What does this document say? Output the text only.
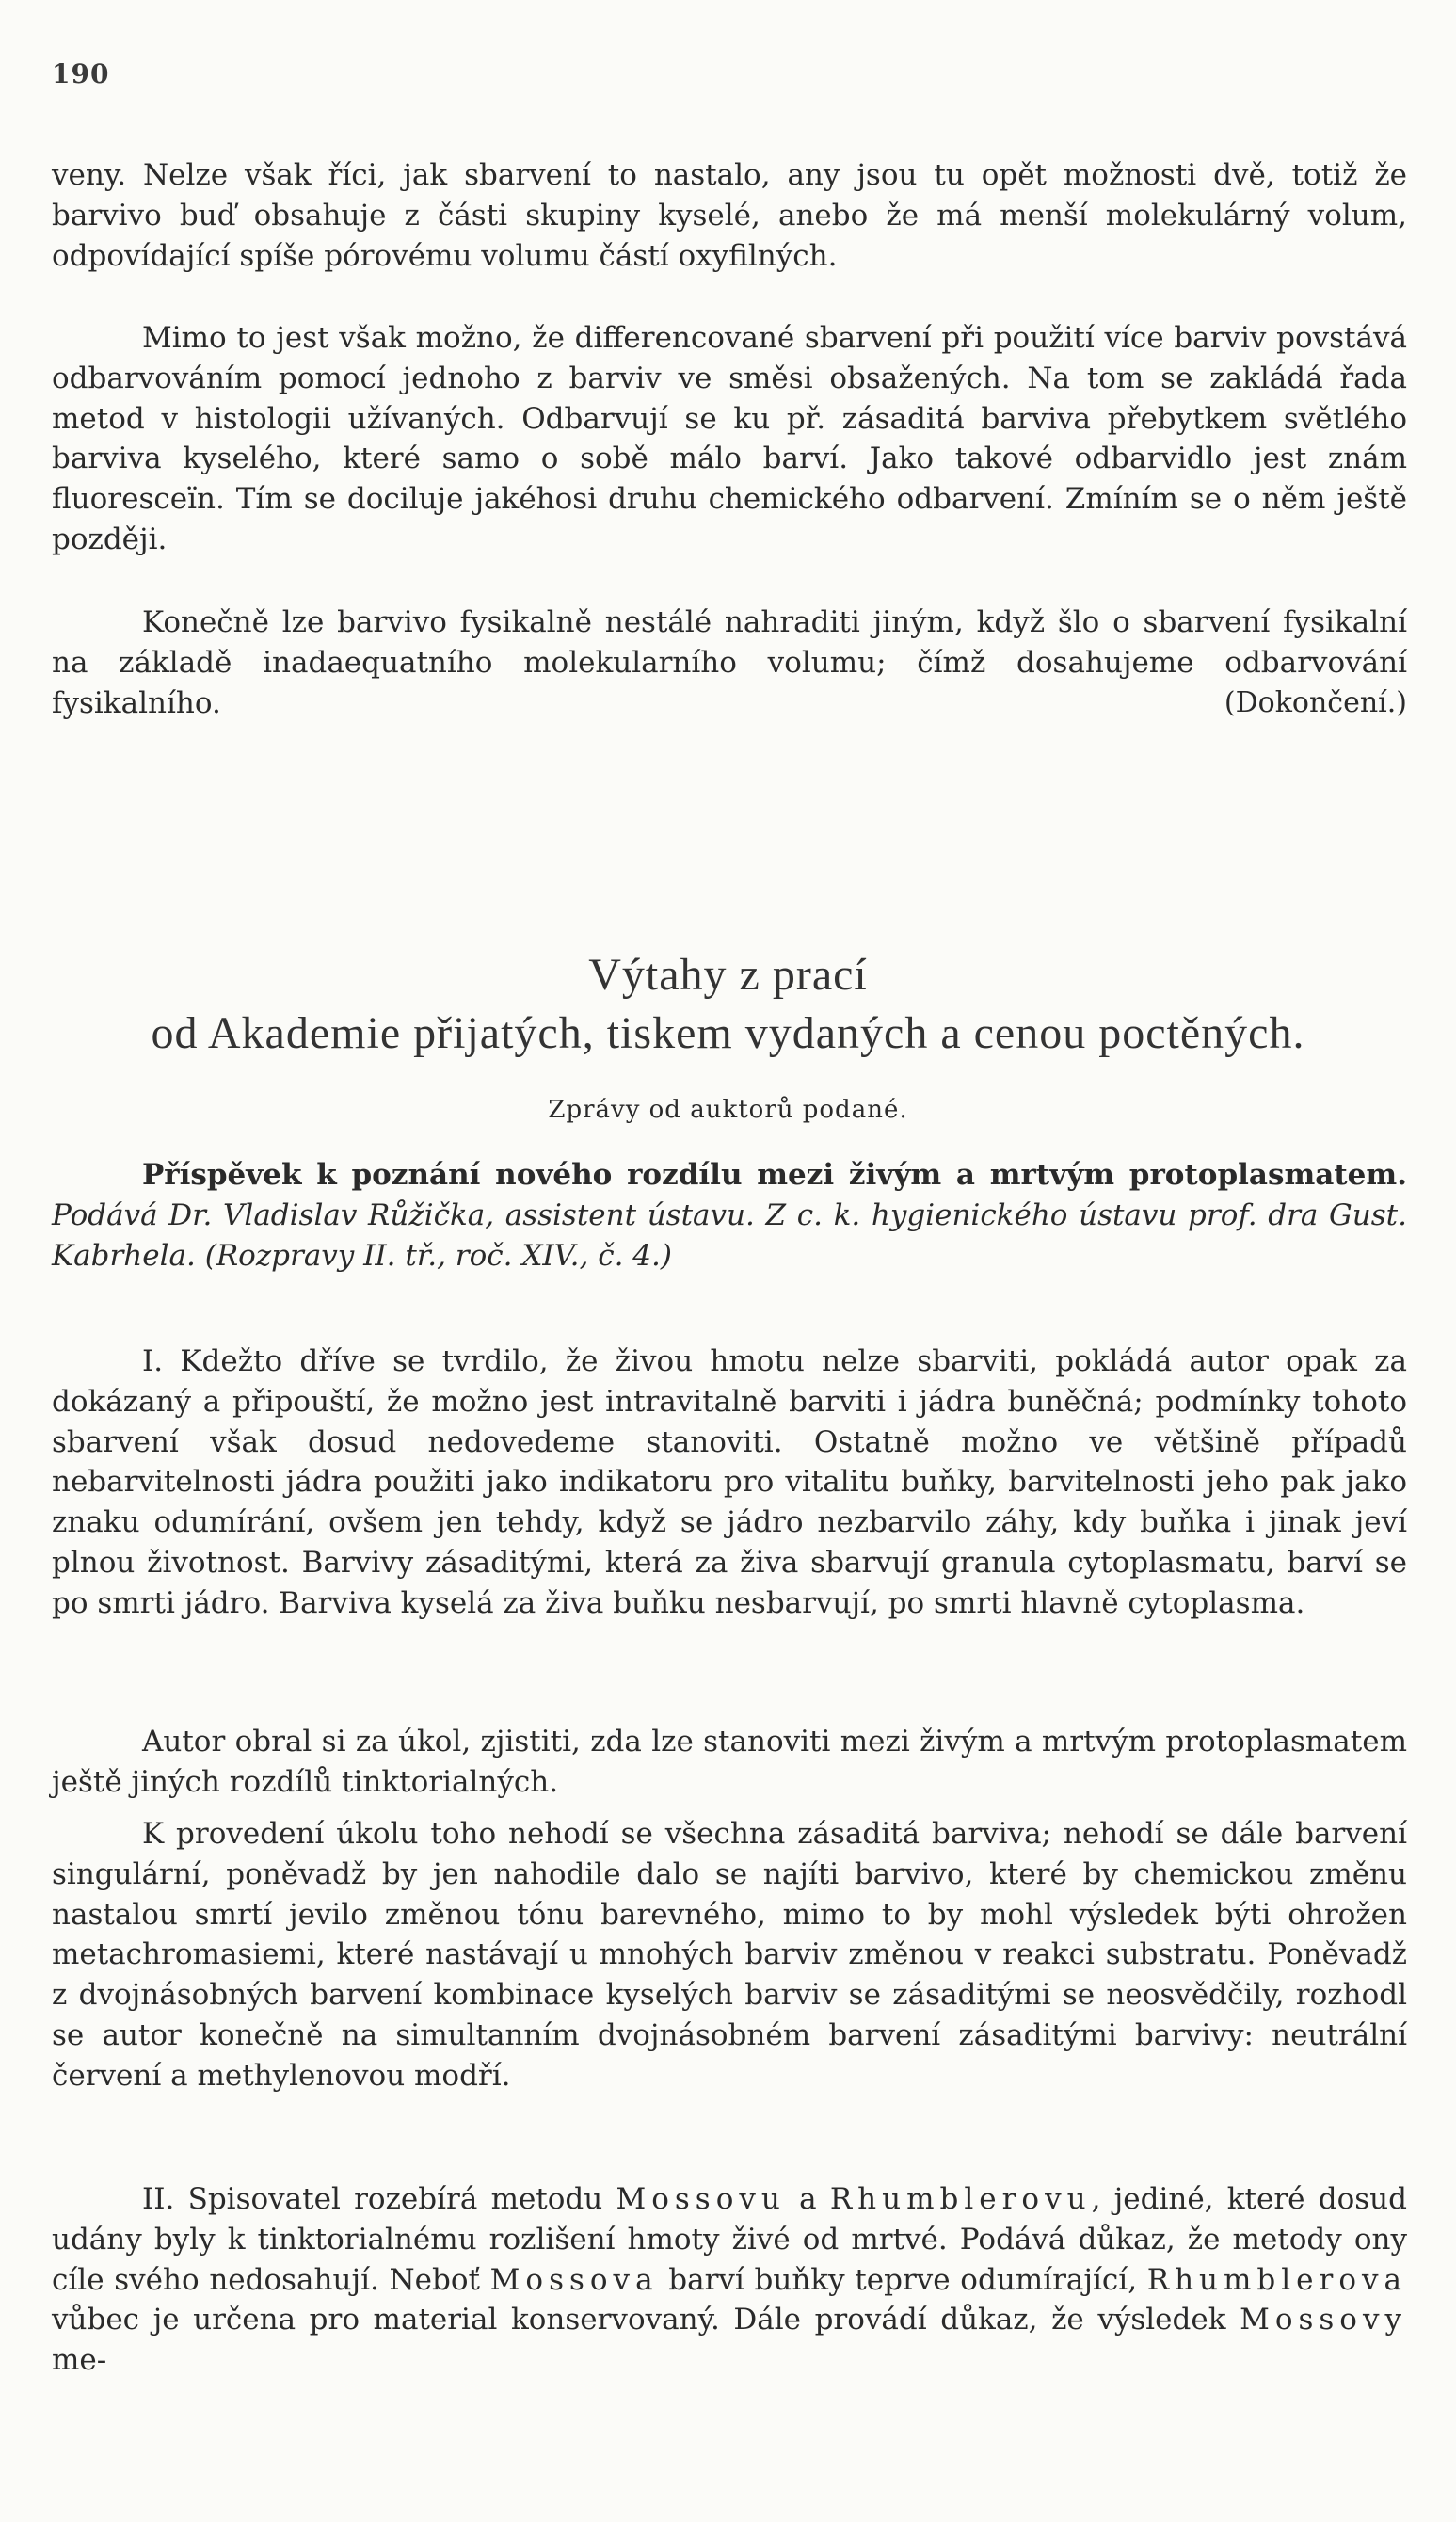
190

veny. Nelze však říci, jak sbarvení to nastalo, any jsou tu opět možnosti dvě, totiž že barvivo buď obsahuje z části skupiny kyselé, anebo že má menší molekulárný volum, odpovídající spíše pórovému volumu částí oxyfilných.

Mimo to jest však možno, že differencované sbarvení při použití více barviv povstává odbarvováním pomocí jednoho z barviv ve směsi obsažených. Na tom se zakládá řada metod v histologii užívaných. Odbarvují se ku př. zásaditá barviva přebytkem světlého barviva kyselého, které samo o sobě málo barví. Jako takové odbarvidlo jest znám fluoresceïn. Tím se dociluje jakéhosi druhu chemického odbarvení. Zmíním se o něm ještě později.

Konečně lze barvivo fysikalně nestálé nahraditi jiným, když šlo o sbarvení fysikalní na základě inadaequatního molekularního volumu; čímž dosahujeme odbarvování fysikalního.	(Dokončení.)

Výtahy z prací
od Akademie přijatých, tiskem vydaných a cenou poctěných.
Zprávy od auktorů podané.

Příspěvek k poznání nového rozdílu mezi živým a mrtvým protoplasmatem. Podává Dr. Vladislav Růžička, assistent ústavu. Z c. k. hygienického ústavu prof. dra Gust. Kabrhela. (Rozpravy II. tř., roč. XIV., č. 4.)

I. Kdežto dříve se tvrdilo, že živou hmotu nelze sbarviti, pokládá autor opak za dokázaný a připouští, že možno jest intravitalně barviti i jádra buněčná; podmínky tohoto sbarvení však dosud nedovedeme stanoviti. Ostatně možno ve většině případů nebarvitelnosti jádra použiti jako indikatoru pro vitalitu buňky, barvitelnosti jeho pak jako znaku odumírání, ovšem jen tehdy, když se jádro nezbarvilo záhy, kdy buňka i jinak jeví plnou životnost. Barvivy zásaditými, která za živa sbarvují granula cytoplasmatu, barví se po smrti jádro. Barviva kyselá za živa buňku nesbarvují, po smrti hlavně cytoplasma.

Autor obral si za úkol, zjistiti, zda lze stanoviti mezi živým a mrtvým protoplasmatem ještě jiných rozdílů tinktorialných.

K provedení úkolu toho nehodí se všechna zásaditá barviva; nehodí se dále barvení singulární, poněvadž by jen nahodile dalo se najíti barvivo, které by chemickou změnu nastalou smrtí jevilo změnou tónu barevného, mimo to by mohl výsledek býti ohrožen metachromasiemi, které nastávají u mnohých barviv změnou v reakci substratu. Poněvadž z dvojnásobných barvení kombinace kyselých barviv se zásaditými se neosvědčily, rozhodl se autor konečně na simultanním dvojnásobném barvení zásaditými barvivy: neutrální červení a methylenovou modří.

II. Spisovatel rozebírá metodu Mossovu a Rhumblerovu, jediné, které dosud udány byly k tinktorialnému rozlišení hmoty živé od mrtvé. Podává důkaz, že metody ony cíle svého nedosahují. Neboť Mossova barví buňky teprve odumírající, Rhumblerova vůbec je určena pro material konservovaný. Dále provádí důkaz, že výsledek Mossovy me-
